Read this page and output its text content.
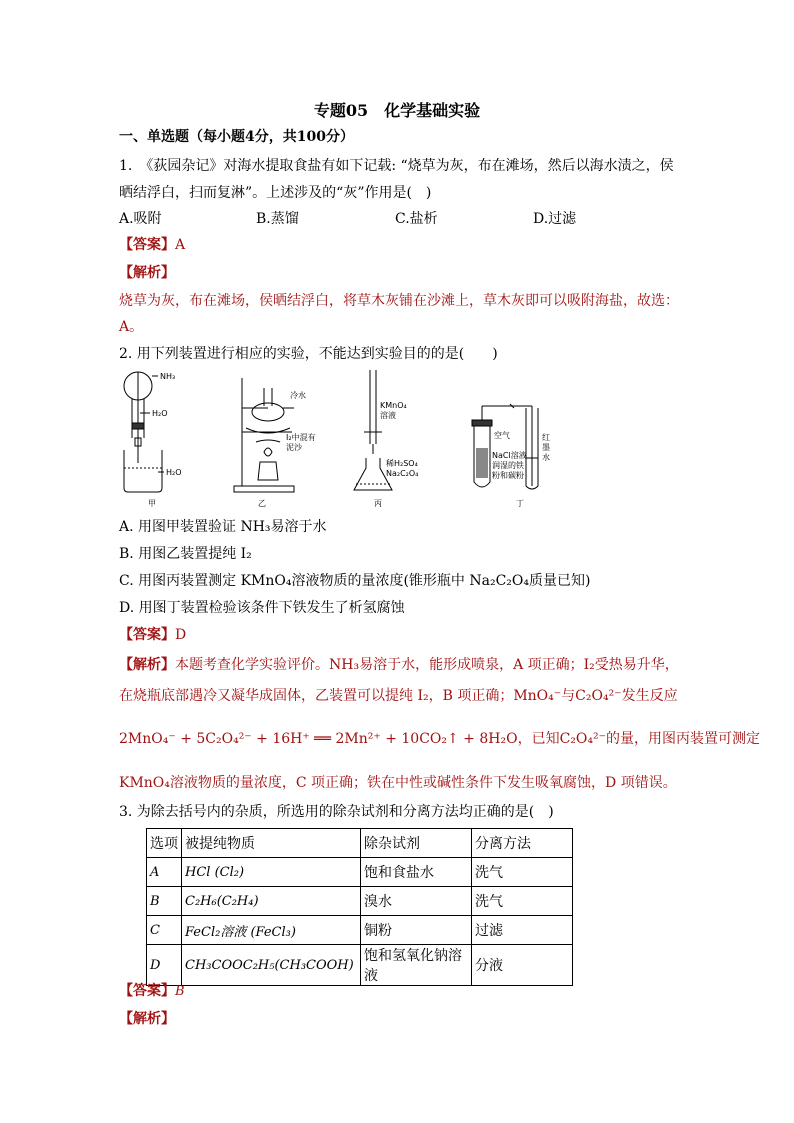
专题05　化学基础实验
一、单选题（每小题4分，共100分）
1.　《荻园杂记》对海水提取食盐有如下记载: “烧草为灰，布在滩场，然后以海水渍之，侯
晒结浮白，扫而复淋”。上述涉及的“灰”作用是(　)
A.吸附	B.蒸馏	C.盐析	D.过滤
【答案】A
【解析】
烧草为灰，布在滩场，侯晒结浮白，将草木灰铺在沙滩上，草木灰即可以吸附海盐，故选：
A。
2. 用下列装置进行相应的实验，不能达到实验目的的是(　　)
NH₃
H₂O
H₂O
冷水
I₂中混有
泥沙
KMnO₄
溶液
稀H₂SO₄
Na₂C₂O₄
空气
NaCl溶液
润湿的铁
粉和碳粉
红
墨
水
甲	乙	丙	丁
A. 用图甲装置验证 NH₃易溶于水
B. 用图乙装置提纯 I₂
C. 用图丙装置测定 KMnO₄溶液物质的量浓度(锥形瓶中 Na₂C₂O₄质量已知)
D. 用图丁装置检验该条件下铁发生了析氢腐蚀
【答案】D
【解析】本题考查化学实验评价。NH₃易溶于水，能形成喷泉，A 项正确；I₂受热易升华，
在烧瓶底部遇冷又凝华成固体，乙装置可以提纯 I₂，B 项正确；MnO₄⁻与C₂O₄²⁻发生反应
2MnO₄⁻ + 5C₂O₄²⁻ + 16H⁺ ══ 2Mn²⁺ + 10CO₂↑ + 8H₂O，已知C₂O₄²⁻的量，用图丙装置可测定
KMnO₄溶液物质的量浓度，C 项正确；铁在中性或碱性条件下发生吸氧腐蚀，D 项错误。
3. 为除去括号内的杂质，所选用的除杂试剂和分离方法均正确的是(　)
选项	被提纯物质	除杂试剂	分离方法
A	HCl (Cl₂)	饱和食盐水	洗气
B	C₂H₆(C₂H₄)	溴水	洗气
C	FeCl₂溶液 (FeCl₃)	铜粉	过滤
D	CH₃COOC₂H₅(CH₃COOH)	饱和氢氧化钠溶液	分液
【答案】B
【解析】
